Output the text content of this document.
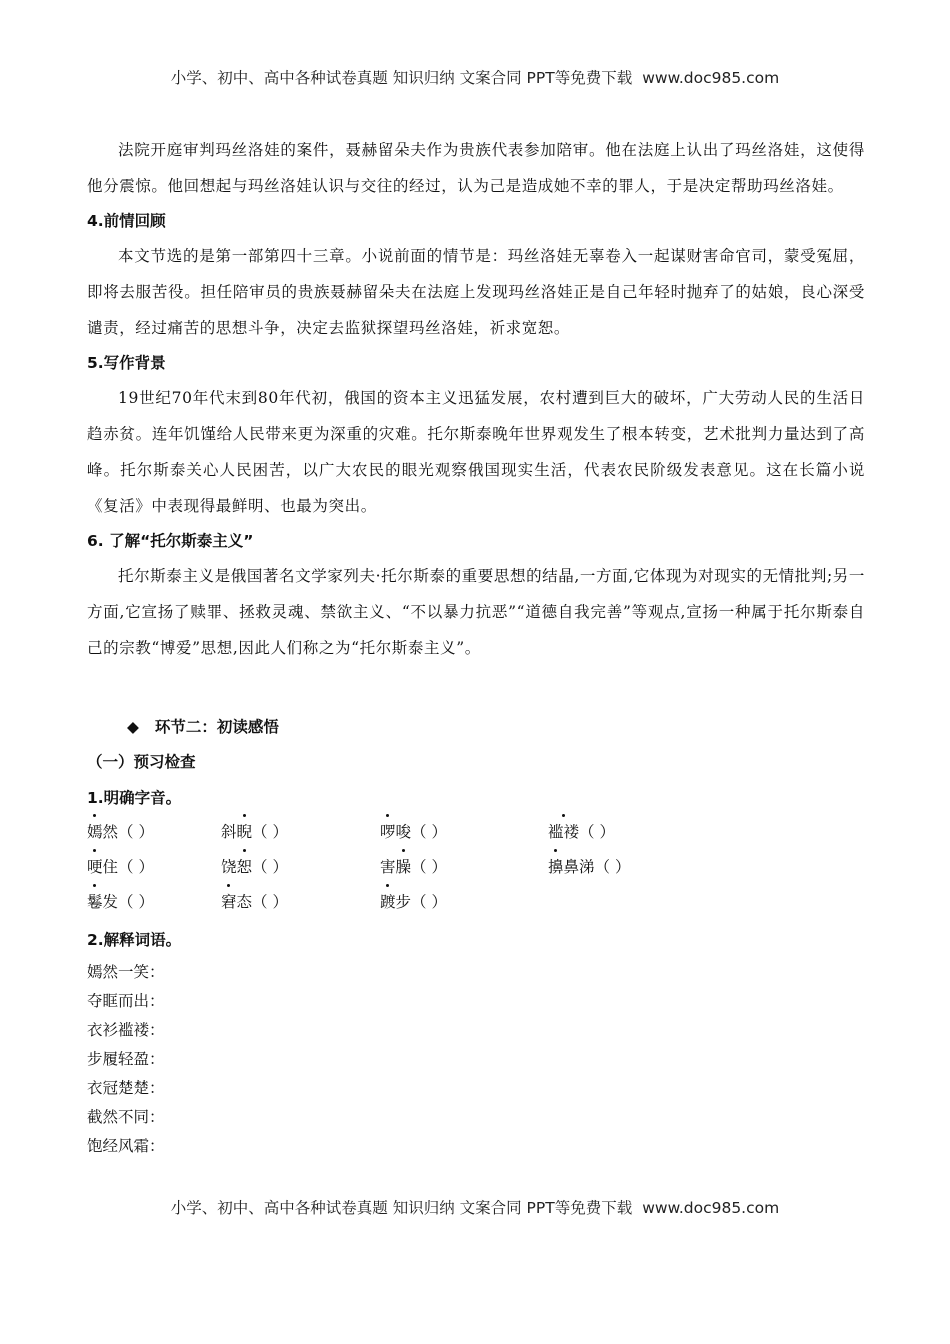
小学、初中、高中各种试卷真题 知识归纳 文案合同 PPT等免费下载 www.doc985.com

法院开庭审判玛丝洛娃的案件，聂赫留朵夫作为贵族代表参加陪审。他在法庭上认出了玛丝洛娃，这使得他分震惊。他回想起与玛丝洛娃认识与交往的经过，认为己是造成她不幸的罪人，于是决定帮助玛丝洛娃。

4.前情回顾

本文节选的是第一部第四十三章。小说前面的情节是：玛丝洛娃无辜卷入一起谋财害命官司，蒙受冤屈，即将去服苦役。担任陪审员的贵族聂赫留朵夫在法庭上发现玛丝洛娃正是自己年轻时抛弃了的姑娘，良心深受谴责，经过痛苦的思想斗争，决定去监狱探望玛丝洛娃，祈求宽恕。

5.写作背景

19世纪70年代末到80年代初，俄国的资本主义迅猛发展，农村遭到巨大的破坏，广大劳动人民的生活日趋赤贫。连年饥馑给人民带来更为深重的灾难。托尔斯泰晚年世界观发生了根本转变，艺术批判力量达到了高峰。托尔斯泰关心人民困苦，以广大农民的眼光观察俄国现实生活，代表农民阶级发表意见。这在长篇小说《复活》中表现得最鲜明、也最为突出。

6. 了解“托尔斯泰主义”

托尔斯泰主义是俄国著名文学家列夫·托尔斯泰的重要思想的结晶,一方面,它体现为对现实的无情批判;另一方面,它宣扬了赎罪、拯救灵魂、禁欲主义、“不以暴力抗恶”“道德自我完善”等观点,宣扬一种属于托尔斯泰自己的宗教“博爱”思想,因此人们称之为“托尔斯泰主义”。

◆ 环节二：初读感悟
（一）预习检查
1.明确字音。
嫣然（ ）	斜睨（ ）	啰唆（ ）	褴褛（ ）
哽住（ ）	饶恕（ ）	害臊（ ）	擤鼻涕（ ）
鬈发（ ）	窘态（ ）	踱步（ ）
2.解释词语。

嫣然一笑：

夺眶而出：

衣衫褴褛：

步履轻盈：

衣冠楚楚：

截然不同：

饱经风霜：

小学、初中、高中各种试卷真题 知识归纳 文案合同 PPT等免费下载 www.doc985.com
